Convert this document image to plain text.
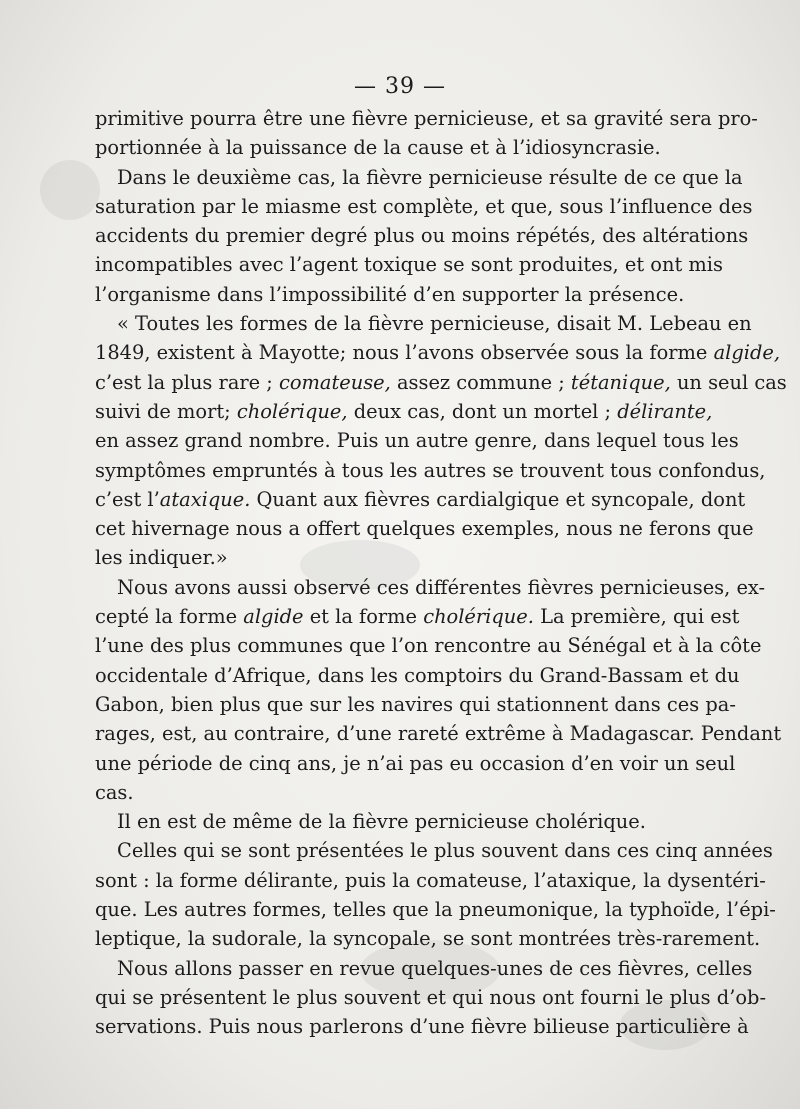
— 39 —
primitive pourra être une fièvre pernicieuse, et sa gravité sera pro-
portionnée à la puissance de la cause et à l’idiosyncrasie.
Dans le deuxième cas, la fièvre pernicieuse résulte de ce que la
saturation par le miasme est complète, et que, sous l’influence des
accidents du premier degré plus ou moins répétés, des altérations
incompatibles avec l’agent toxique se sont produites, et ont mis
l’organisme dans l’impossibilité d’en supporter la présence.
« Toutes les formes de la fièvre pernicieuse, disait M. Lebeau en
1849, existent à Mayotte; nous l’avons observée sous la forme algide,
c’est la plus rare ; comateuse, assez commune ; tétanique, un seul cas
suivi de mort; cholérique, deux cas, dont un mortel ; délirante,
en assez grand nombre. Puis un autre genre, dans lequel tous les
symptômes empruntés à tous les autres se trouvent tous confondus,
c’est l’ataxique. Quant aux fièvres cardialgique et syncopale, dont
cet hivernage nous a offert quelques exemples, nous ne ferons que
les indiquer.»
Nous avons aussi observé ces différentes fièvres pernicieuses, ex-
cepté la forme algide et la forme cholérique. La première, qui est
l’une des plus communes que l’on rencontre au Sénégal et à la côte
occidentale d’Afrique, dans les comptoirs du Grand-Bassam et du
Gabon, bien plus que sur les navires qui stationnent dans ces pa-
rages, est, au contraire, d’une rareté extrême à Madagascar. Pendant
une période de cinq ans, je n’ai pas eu occasion d’en voir un seul
cas.
Il en est de même de la fièvre pernicieuse cholérique.
Celles qui se sont présentées le plus souvent dans ces cinq années
sont : la forme délirante, puis la comateuse, l’ataxique, la dysentéri-
que. Les autres formes, telles que la pneumonique, la typhoïde, l’épi-
leptique, la sudorale, la syncopale, se sont montrées très-rarement.
Nous allons passer en revue quelques-unes de ces fièvres, celles
qui se présentent le plus souvent et qui nous ont fourni le plus d’ob-
servations. Puis nous parlerons d’une fièvre bilieuse particulière à
